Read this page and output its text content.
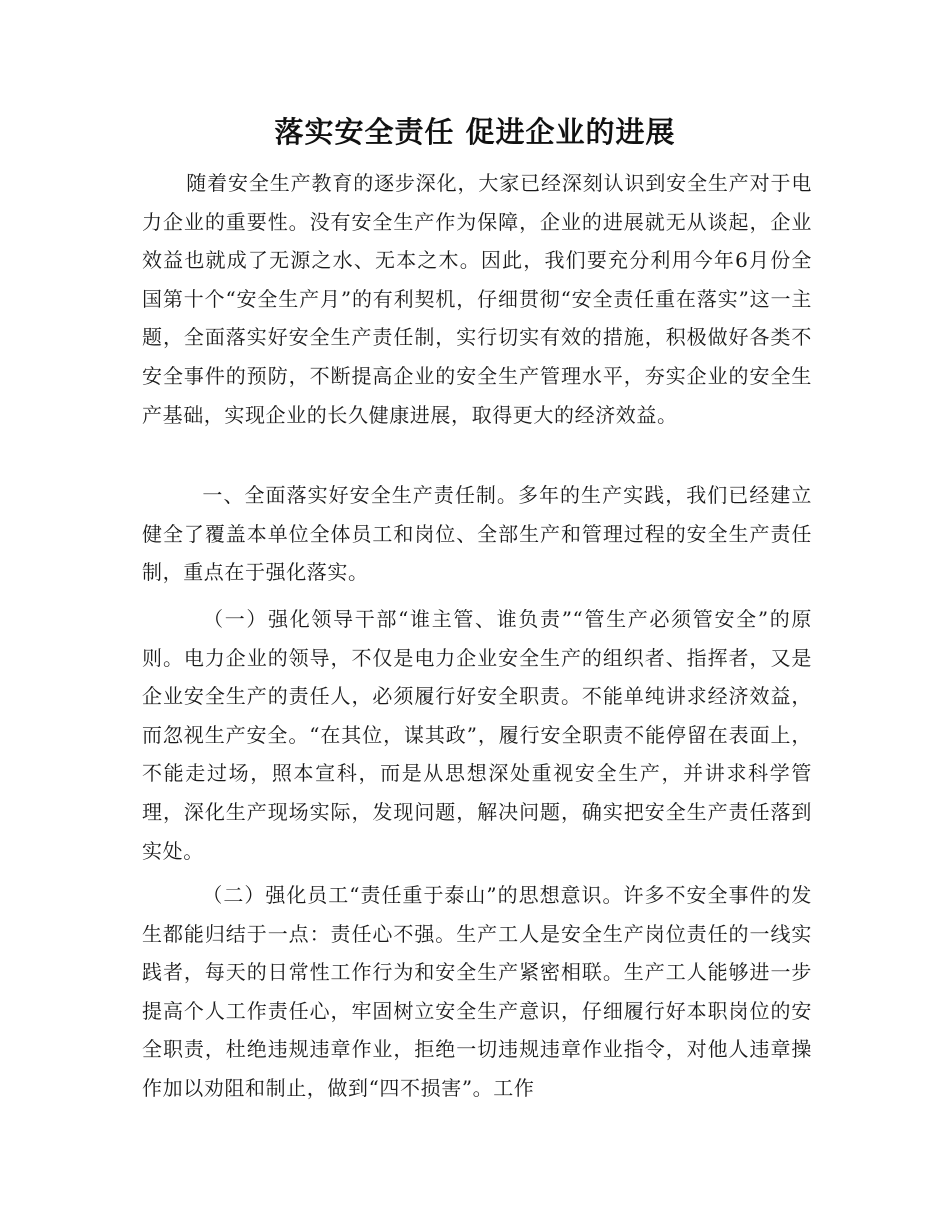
落实安全责任 促进企业的进展

随着安全生产教育的逐步深化，大家已经深刻认识到安全生产对于电力企业的重要性。没有安全生产作为保障，企业的进展就无从谈起，企业效益也就成了无源之水、无本之木。因此，我们要充分利用今年6月份全国第十个“安全生产月”的有利契机，仔细贯彻“安全责任重在落实”这一主题，全面落实好安全生产责任制，实行切实有效的措施，积极做好各类不安全事件的预防，不断提高企业的安全生产管理水平，夯实企业的安全生产基础，实现企业的长久健康进展，取得更大的经济效益。

一、全面落实好安全生产责任制。多年的生产实践，我们已经建立健全了覆盖本单位全体员工和岗位、全部生产和管理过程的安全生产责任制，重点在于强化落实。

（一）强化领导干部“谁主管、谁负责”“管生产必须管安全”的原则。电力企业的领导，不仅是电力企业安全生产的组织者、指挥者，又是企业安全生产的责任人，必须履行好安全职责。不能单纯讲求经济效益，而忽视生产安全。“在其位，谋其政”，履行安全职责不能停留在表面上，不能走过场，照本宣科，而是从思想深处重视安全生产，并讲求科学管理，深化生产现场实际，发现问题，解决问题，确实把安全生产责任落到实处。

（二）强化员工“责任重于泰山”的思想意识。许多不安全事件的发生都能归结于一点：责任心不强。生产工人是安全生产岗位责任的一线实践者，每天的日常性工作行为和安全生产紧密相联。生产工人能够进一步提高个人工作责任心，牢固树立安全生产意识，仔细履行好本职岗位的安全职责，杜绝违规违章作业，拒绝一切违规违章作业指令，对他人违章操作加以劝阻和制止，做到“四不损害”。工作
